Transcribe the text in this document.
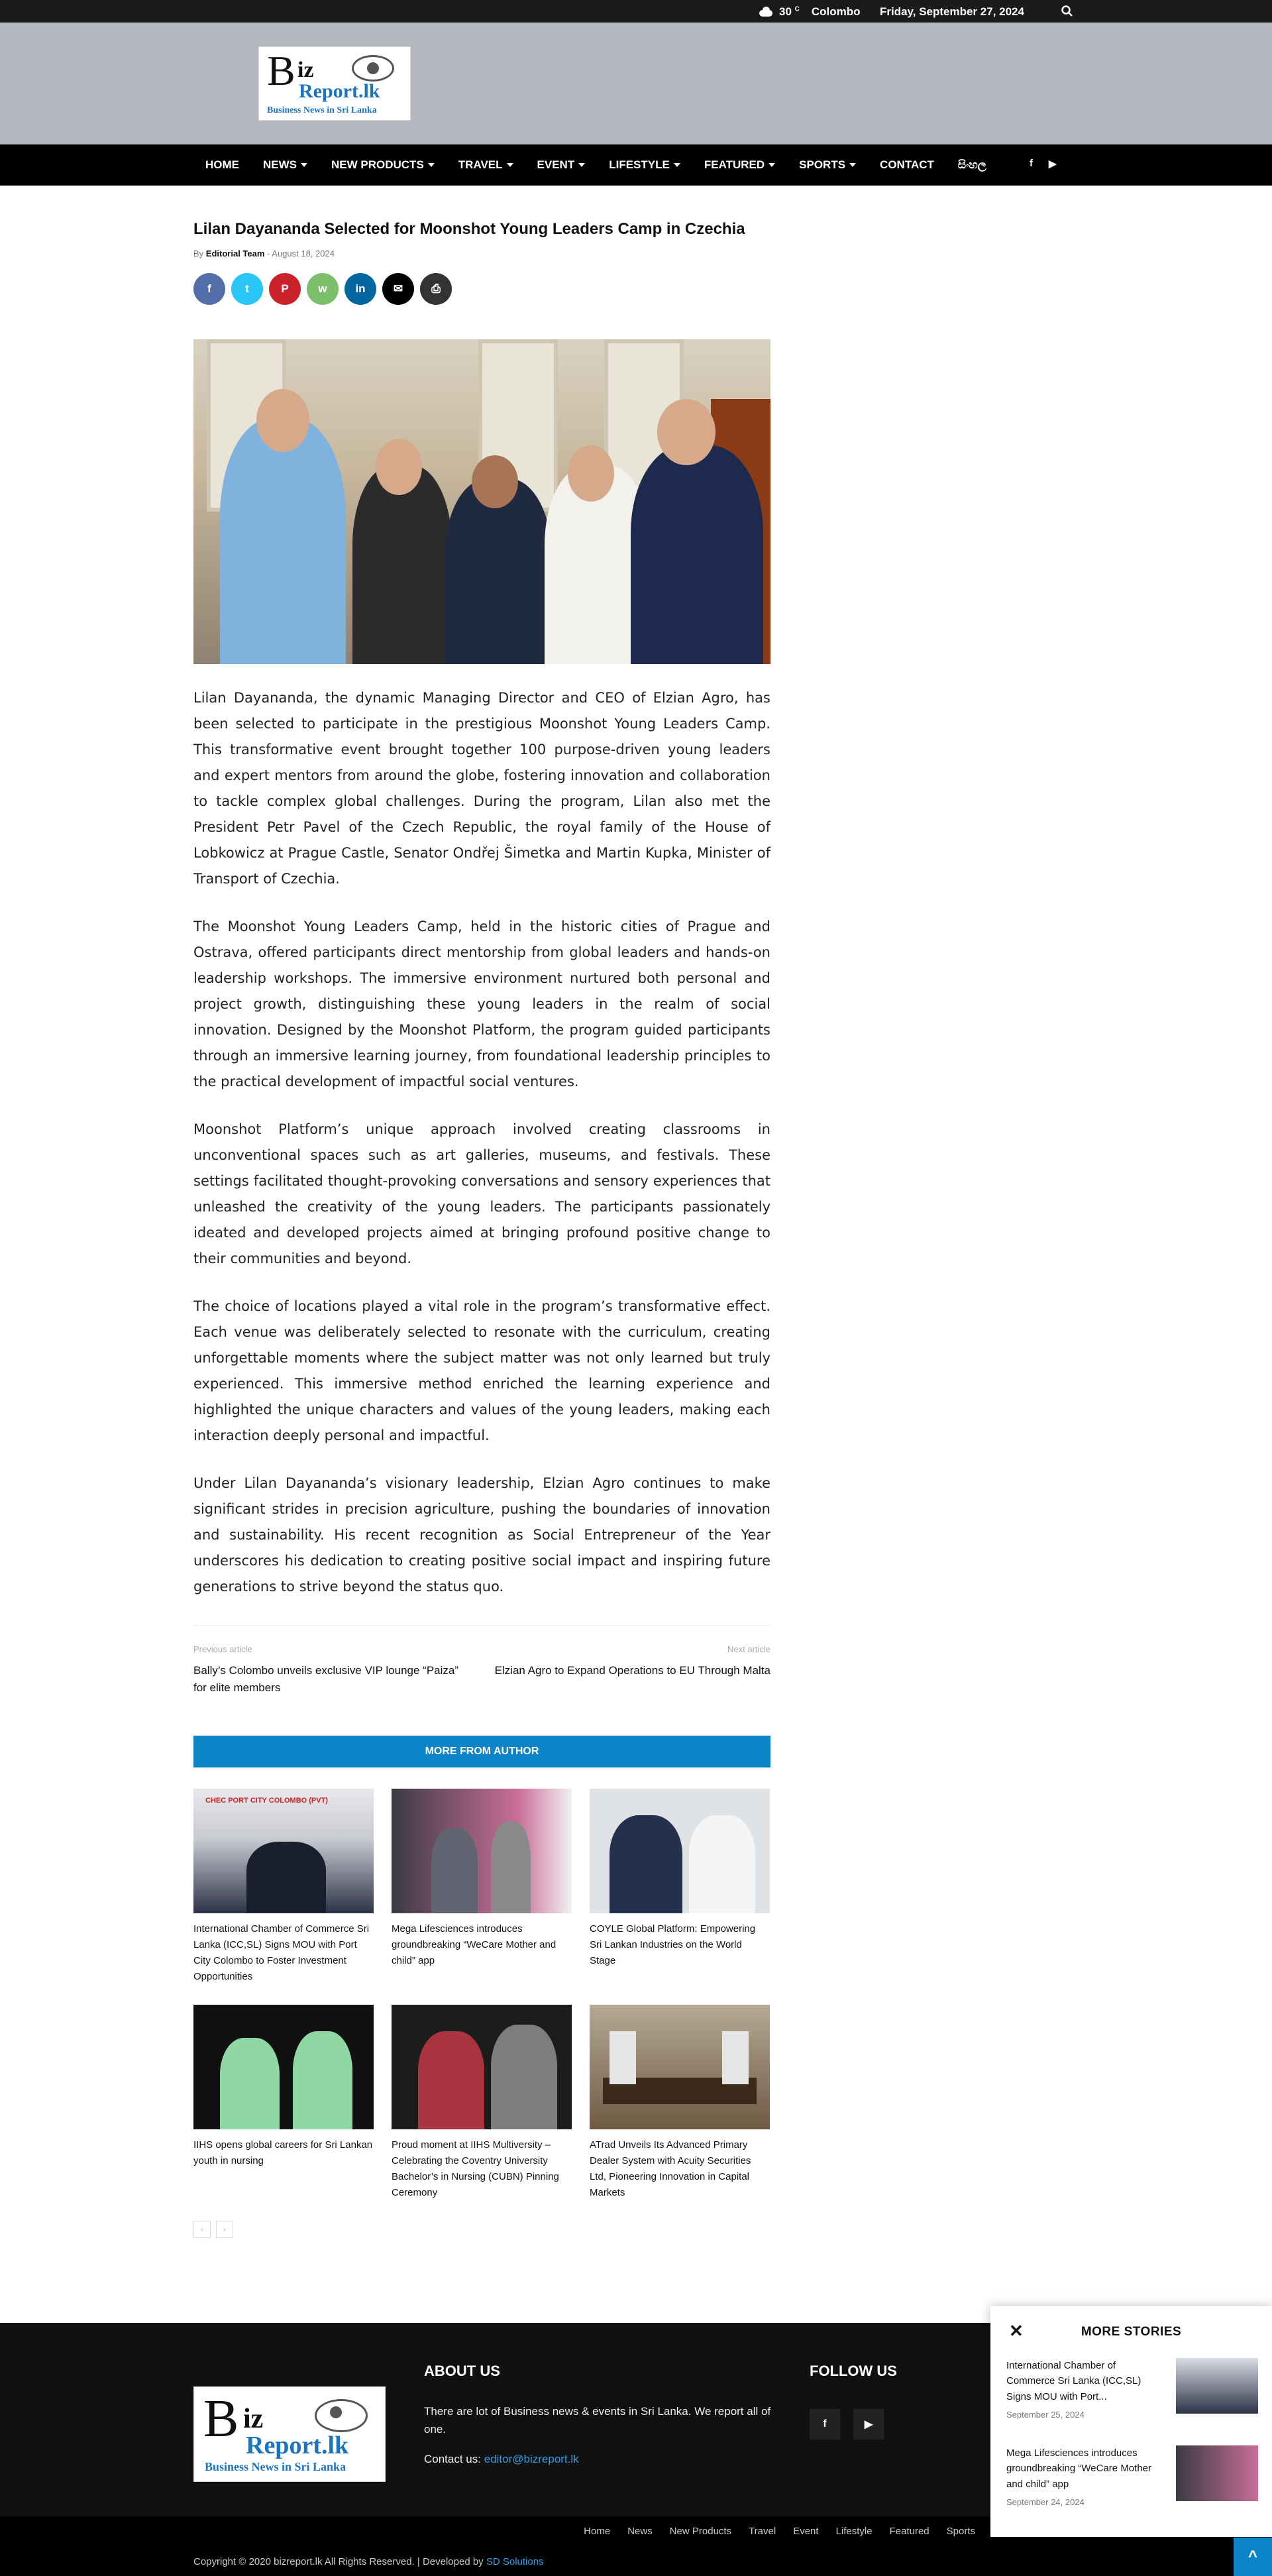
30 $^C$ Colombo Friday, September 27, 2024
B iz
Report.lk
Business News in Sri Lanka
HOME NEWS	NEW PRODUCTS	TRAVEL	EVENT	LIFESTYLE	FEATURED	SPORTS	CONTACT සිංහල	f ▶
Lilan Dayananda Selected for Moonshot Young Leaders Camp in Czechia
By Editorial Team - August 18, 2024
f	t	P	w	in	✉	⎙

Lilan Dayananda, the dynamic Managing Director and CEO of Elzian Agro, has been selected to participate in the prestigious Moonshot Young Leaders Camp. This transformative event brought together 100 purpose-driven young leaders and expert mentors from around the globe, fostering innovation and collaboration to tackle complex global challenges. During the program, Lilan also met the President Petr Pavel of the Czech Republic, the royal family of the House of Lobkowicz at Prague Castle, Senator Ondřej Šimetka and Martin Kupka, Minister of Transport of Czechia.

The Moonshot Young Leaders Camp, held in the historic cities of Prague and Ostrava, offered participants direct mentorship from global leaders and hands-on leadership workshops. The immersive environment nurtured both personal and project growth, distinguishing these young leaders in the realm of social innovation. Designed by the Moonshot Platform, the program guided participants through an immersive learning journey, from foundational leadership principles to the practical development of impactful social ventures.

Moonshot Platform’s unique approach involved creating classrooms in unconventional spaces such as art galleries, museums, and festivals. These settings facilitated thought-provoking conversations and sensory experiences that unleashed the creativity of the young leaders. The participants passionately ideated and developed projects aimed at bringing profound positive change to their communities and beyond.

The choice of locations played a vital role in the program’s transformative effect. Each venue was deliberately selected to resonate with the curriculum, creating unforgettable moments where the subject matter was not only learned but truly experienced. This immersive method enriched the learning experience and highlighted the unique characters and values of the young leaders, making each interaction deeply personal and impactful.

Under Lilan Dayananda’s visionary leadership, Elzian Agro continues to make significant strides in precision agriculture, pushing the boundaries of innovation and sustainability. His recent recognition as Social Entrepreneur of the Year underscores his dedication to creating positive social impact and inspiring future generations to strive beyond the status quo.

Previous article
Bally’s Colombo unveils exclusive VIP lounge “Paiza” for elite members
Next article
Elzian Agro to Expand Operations to EU Through Malta
MORE FROM AUTHOR
CHEC PORT CITY COLOMBO (PVT)
International Chamber of Commerce Sri Lanka (ICC,SL) Signs MOU with Port City Colombo to Foster Investment Opportunities
Mega Lifesciences introduces groundbreaking “WeCare Mother and child” app
COYLE Global Platform: Empowering Sri Lankan Industries on the World Stage
IIHS opens global careers for Sri Lankan youth in nursing
Proud moment at IIHS Multiversity – Celebrating the Coventry University Bachelor’s in Nursing (CUBN) Pinning Ceremony
ATrad Unveils Its Advanced Primary Dealer System with Acuity Securities Ltd, Pioneering Innovation in Capital Markets
‹	›
B iz
Report.lk
Business News in Sri Lanka
ABOUT US
There are lot of Business news & events in Sri Lanka. We report all of one.
Contact us: editor@bizreport.lk
FOLLOW US
f	▶
Home News New Products Travel Event Lifestyle Featured Sports
Copyright © 2020 bizreport.lk All Rights Reserved. | Developed by SD Solutions
✕	MORE STORIES
International Chamber of Commerce Sri Lanka (ICC,SL) Signs MOU with Port...
September 25, 2024
Mega Lifesciences introduces groundbreaking “WeCare Mother and child” app
September 24, 2024
^
